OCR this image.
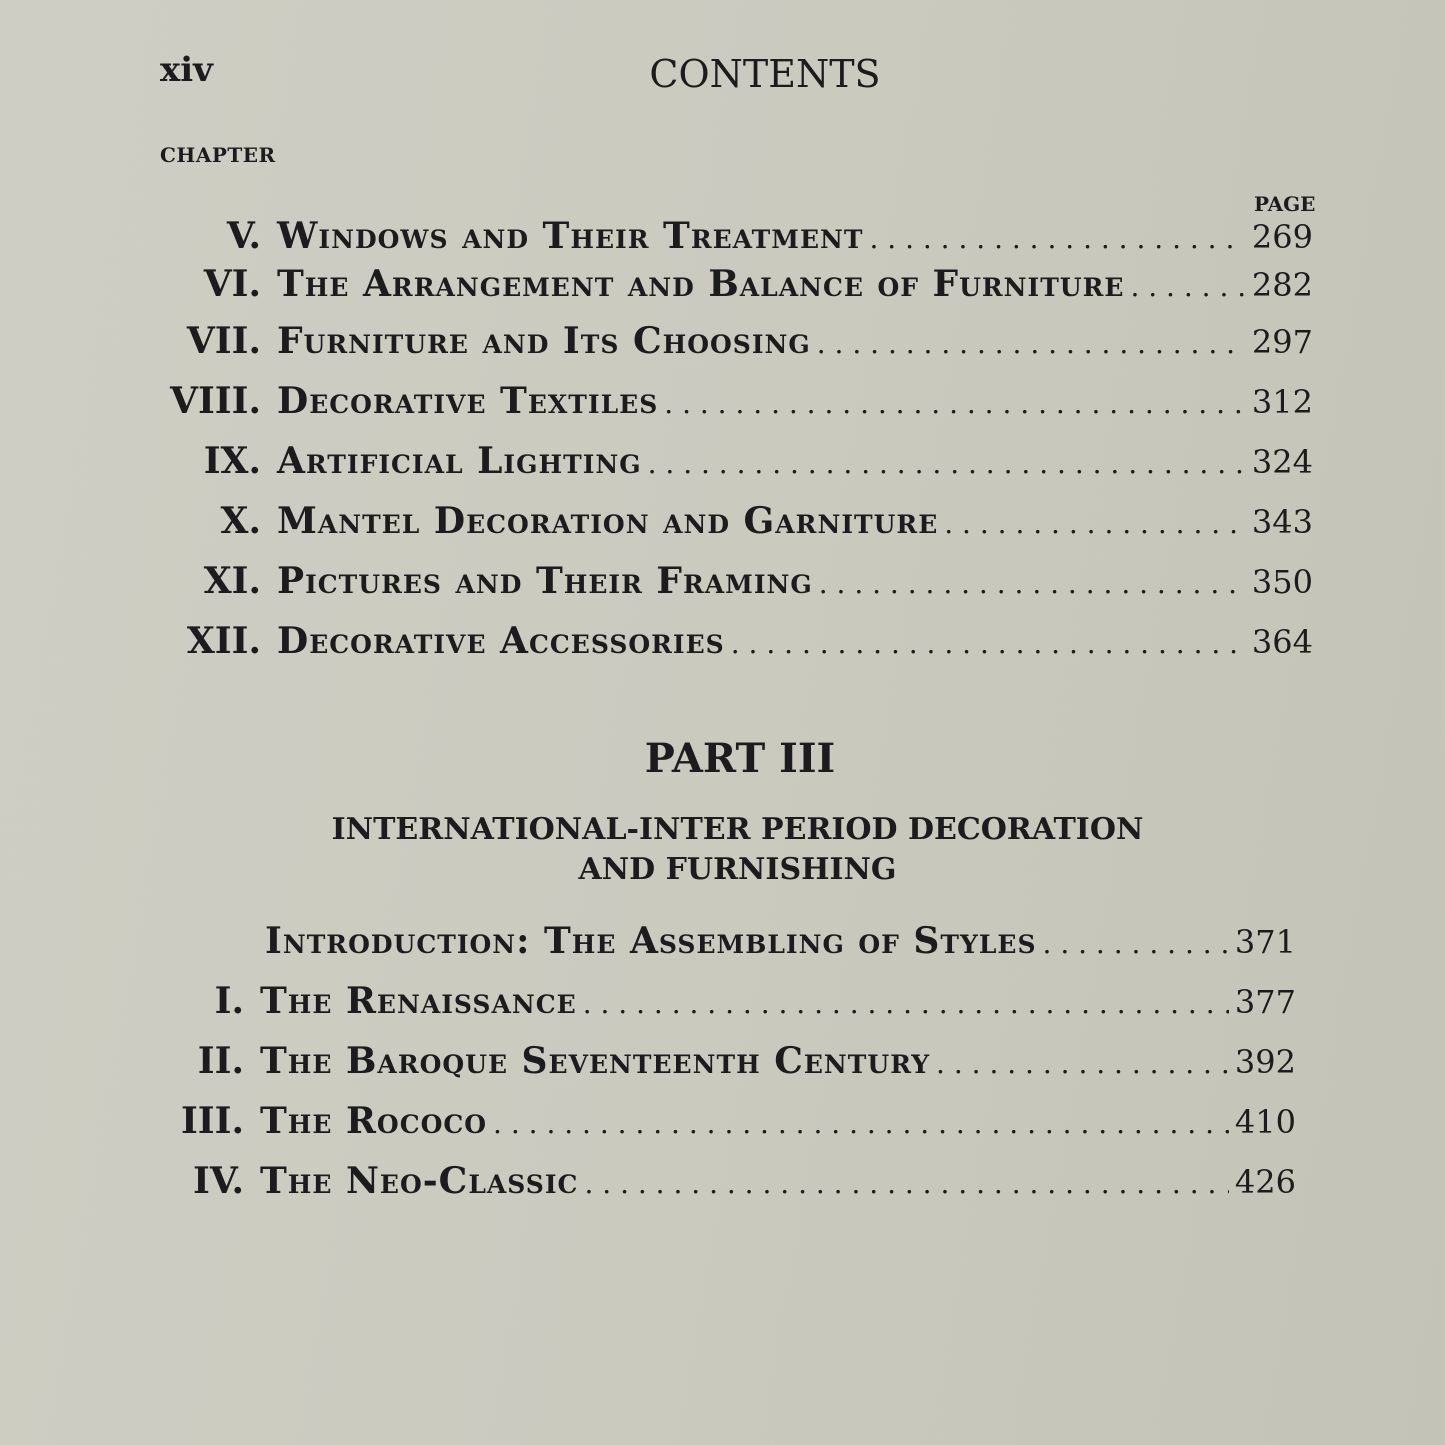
xiv	CONTENTS
CHAPTER
PAGE
V. Windows and Their Treatment . . .	269
VI. The Arrangement and Balance of Furniture . . .	282
VII. Furniture and Its Choosing . . .	297
VIII. Decorative Textiles . . .	312
IX. Artificial Lighting . . .	324
X. Mantel Decoration and Garniture . . .	343
XI. Pictures and Their Framing . . .	350
XII. Decorative Accessories . . .	364
PART III
INTERNATIONAL-INTER PERIOD DECORATION
AND FURNISHING
Introduction: The Assembling of Styles . . .	371
I. The Renaissance . . .	377
II. The Baroque Seventeenth Century . . .	392
III. The Rococo . . .	410
IV. The Neo-Classic . . .	426
